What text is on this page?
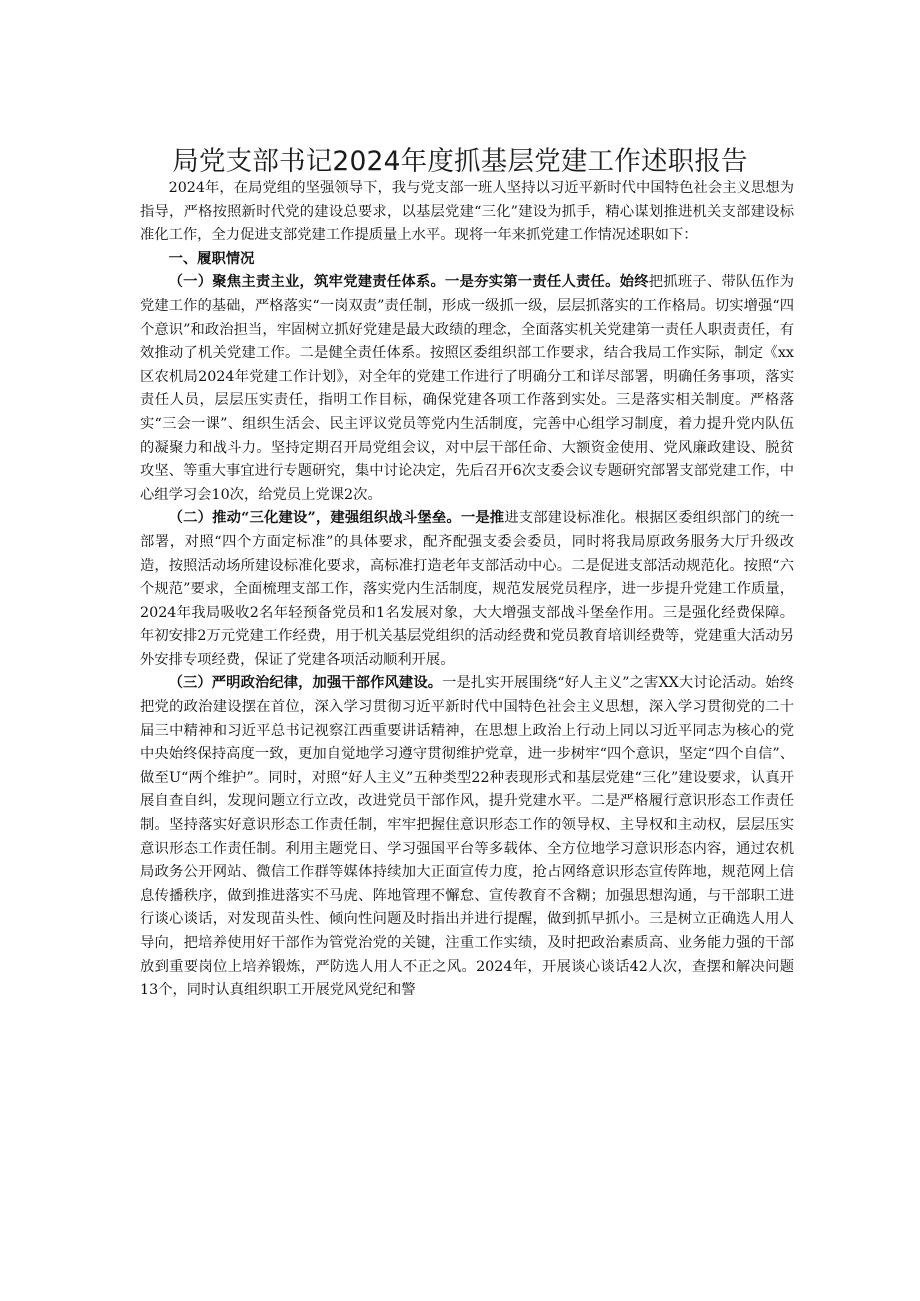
局党支部书记2024年度抓基层党建工作述职报告

2024年，在局党组的坚强领导下，我与党支部一班人坚持以习近平新时代中国特色社会主义思想为指导，严格按照新时代党的建设总要求，以基层党建“三化”建设为抓手，精心谋划推进机关支部建设标准化工作，全力促进支部党建工作提质量上水平。现将一年来抓党建工作情况述职如下：

一、履职情况

（一）聚焦主责主业，筑牢党建责任体系。一是夯实第一责任人责任。始终把抓班子、带队伍作为党建工作的基础，严格落实“一岗双责”责任制，形成一级抓一级，层层抓落实的工作格局。切实增强“四个意识”和政治担当，牢固树立抓好党建是最大政绩的理念，全面落实机关党建第一责任人职责责任，有效推动了机关党建工作。二是健全责任体系。按照区委组织部工作要求，结合我局工作实际，制定《xx区农机局2024年党建工作计划》，对全年的党建工作进行了明确分工和详尽部署，明确任务事项，落实责任人员，层层压实责任，指明工作目标，确保党建各项工作落到实处。三是落实相关制度。严格落实“三会一课”、组织生活会、民主评议党员等党内生活制度，完善中心组学习制度，着力提升党内队伍的凝聚力和战斗力。坚持定期召开局党组会议，对中层干部任命、大额资金使用、党风廉政建设、脱贫攻坚、等重大事宜进行专题研究，集中讨论决定，先后召开6次支委会议专题研究部署支部党建工作，中心组学习会10次，给党员上党课2次。

（二）推动“三化建设”，建强组织战斗堡垒。一是推进支部建设标准化。根据区委组织部门的统一部署，对照“四个方面定标准”的具体要求，配齐配强支委会委员，同时将我局原政务服务大厅升级改造，按照活动场所建设标准化要求，高标准打造老年支部活动中心。二是促进支部活动规范化。按照“六个规范”要求，全面梳理支部工作，落实党内生活制度，规范发展党员程序，进一步提升党建工作质量，2024年我局吸收2名年轻预备党员和1名发展对象，大大增强支部战斗堡垒作用。三是强化经费保障。年初安排2万元党建工作经费，用于机关基层党组织的活动经费和党员教育培训经费等，党建重大活动另外安排专项经费，保证了党建各项活动顺利开展。

（三）严明政治纪律，加强干部作风建设。一是扎实开展围绕“好人主义”之害XX大讨论活动。始终把党的政治建设摆在首位，深入学习贯彻习近平新时代中国特色社会主义思想，深入学习贯彻党的二十届三中精神和习近平总书记视察江西重要讲话精神，在思想上政治上行动上同以习近平同志为核心的党中央始终保持高度一致，更加自觉地学习遵守贯彻维护党章，进一步树牢“四个意识，坚定“四个自信”、做至U“两个维护”。同时，对照“好人主义”五种类型22种表现形式和基层党建“三化”建设要求，认真开展自查自纠，发现问题立行立改，改进党员干部作风，提升党建水平。二是严格履行意识形态工作责任制。坚持落实好意识形态工作责任制，牢牢把握住意识形态工作的领导权、主导权和主动权，层层压实意识形态工作责任制。利用主题党日、学习强国平台等多载体、全方位地学习意识形态内容，通过农机局政务公开网站、微信工作群等媒体持续加大正面宣传力度，抢占网络意识形态宣传阵地，规范网上信息传播秩序，做到推进落实不马虎、阵地管理不懈怠、宣传教育不含糊；加强思想沟通，与干部职工进行谈心谈话，对发现苗头性、倾向性问题及时指出并进行提醒，做到抓早抓小。三是树立正确选人用人导向，把培养使用好干部作为管党治党的关键，注重工作实绩，及时把政治素质高、业务能力强的干部放到重要岗位上培养锻炼，严防选人用人不正之风。2024年，开展谈心谈话42人次，查摆和解决问题13个，同时认真组织职工开展党风党纪和警
